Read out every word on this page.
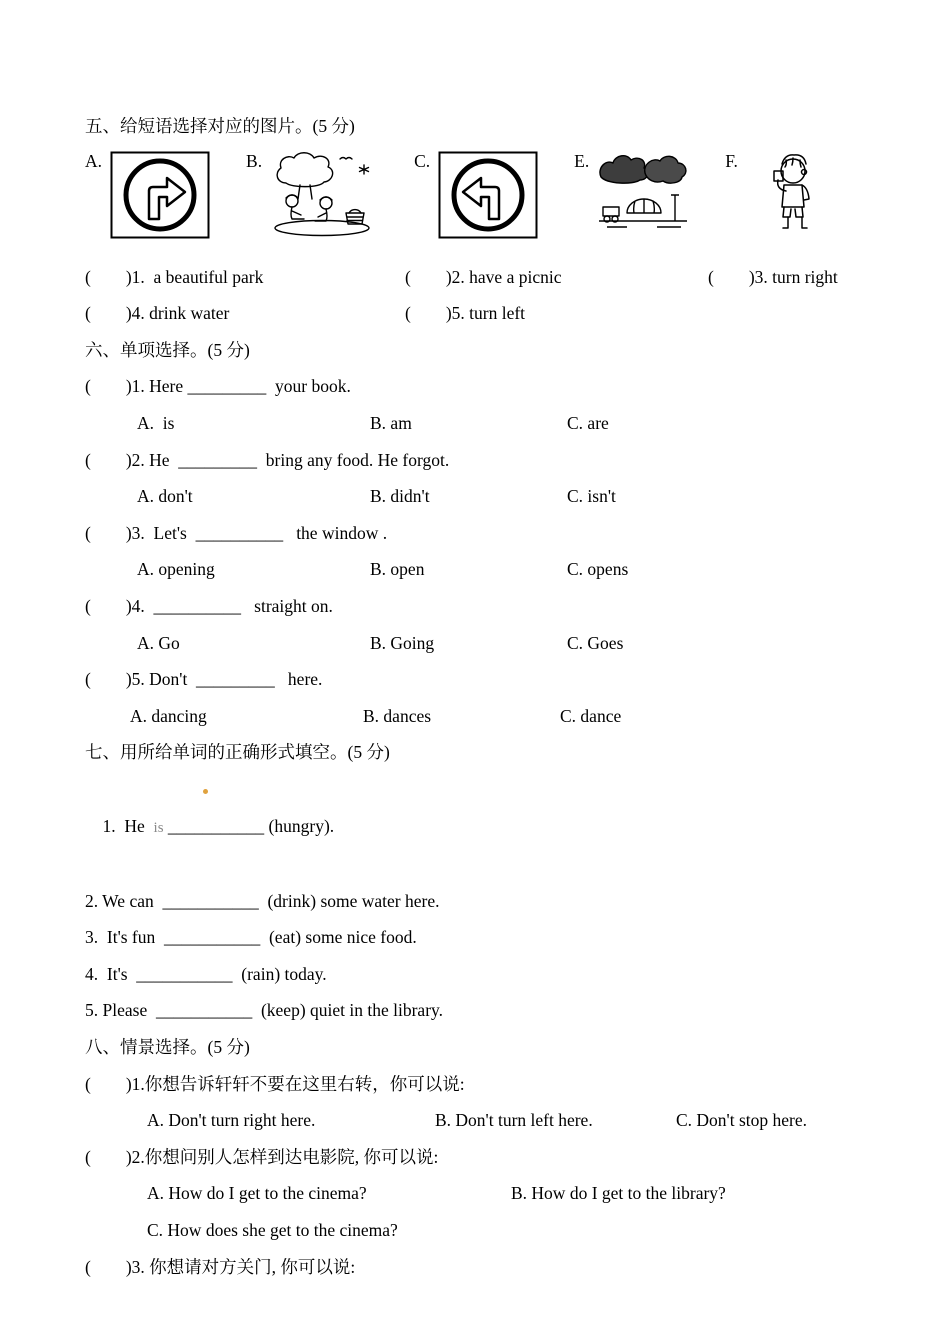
五、给短语选择对应的图片。(5 分)
A.	B.	C.	E.	F.
(        )1.  a beautiful park	(        )2. have a picnic	(        )3. turn right
(        )4. drink water	(        )5. turn left
六、单项选择。(5 分)
(        )1. Here _________  your book.
A.  is	B. am	C. are
(        )2. He  _________  bring any food. He forgot.
A. don't	B. didn't	C. isn't
(        )3.  Let's  __________   the window .
A. opening	B. open	C. opens
(        )4.  __________   straight on.
A. Go	B. Going	C. Goes
(        )5. Don't  _________   here.
A. dancing	B. dances	C. dance
七、用所给单词的正确形式填空。(5 分)

1.  He  is ___________ (hungry).

2. We can  ___________  (drink) some water here.
3.  It's fun  ___________  (eat) some nice food.
4.  It's  ___________  (rain) today.
5. Please  ___________  (keep) quiet in the library.
八、情景选择。(5 分)
(        )1.你想告诉轩轩不要在这里右转，你可以说:
A. Don't turn right here.	B. Don't turn left here.	C. Don't stop here.
(        )2.你想问别人怎样到达电影院, 你可以说:
A. How do I get to the cinema?	B. How do I get to the library?
C. How does she get to the cinema?
(        )3. 你想请对方关门, 你可以说:
